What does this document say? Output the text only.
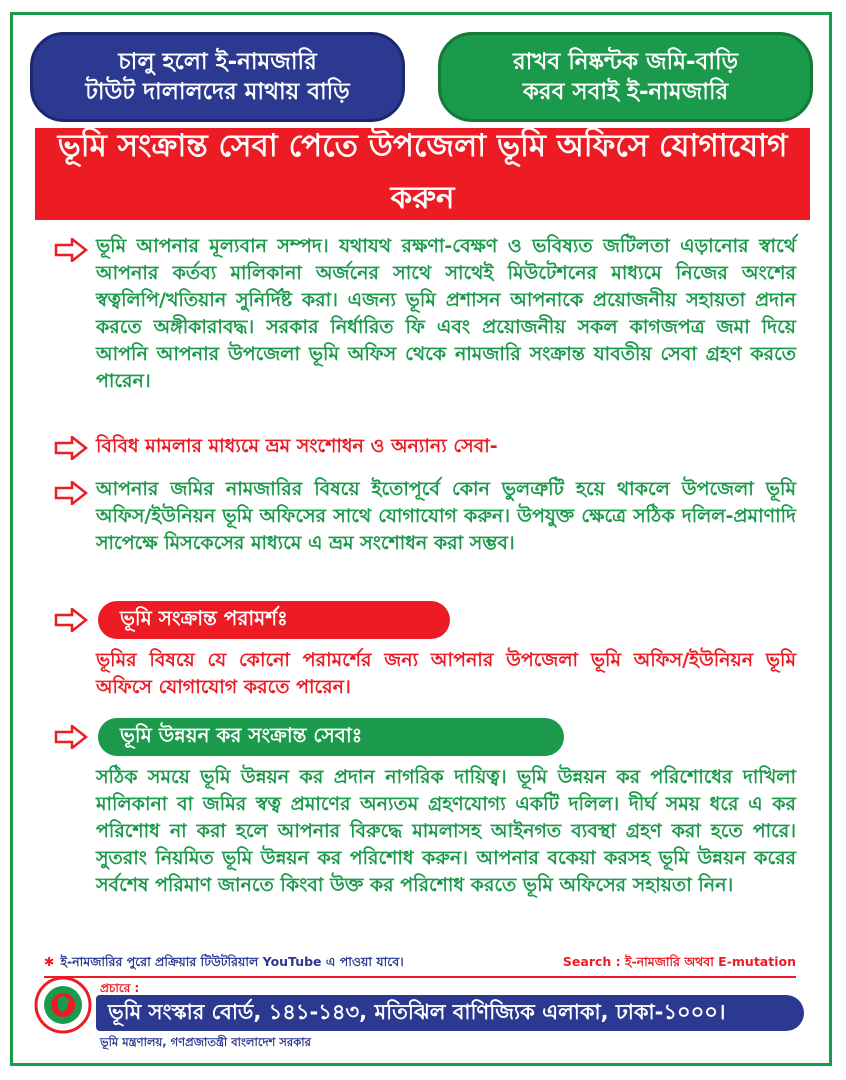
চালু হলো ই-নামজারি
টাউট দালালদের মাথায় বাড়ি
রাখব নিষ্কন্টক জমি-বাড়ি
করব সবাই ই-নামজারি
ভূমি সংক্রান্ত সেবা পেতে উপজেলা ভূমি অফিসে যোগাযোগ করুন

ভূমি আপনার মূল্যবান সম্পদ। যথাযথ রক্ষণা-বেক্ষণ ও ভবিষ্যত জটিলতা এড়ানোর স্বার্থে আপনার কর্তব্য মালিকানা অর্জনের সাথে সাথেই মিউটেশনের মাধ্যমে নিজের অংশের স্বত্বলিপি/খতিয়ান সুনির্দিষ্ট করা। এজন্য ভূমি প্রশাসন আপনাকে প্রয়োজনীয় সহায়তা প্রদান করতে অঙ্গীকারাবদ্ধ। সরকার নির্ধারিত ফি এবং প্রয়োজনীয় সকল কাগজপত্র জমা দিয়ে আপনি আপনার উপজেলা ভূমি অফিস থেকে নামজারি সংক্রান্ত যাবতীয় সেবা গ্রহণ করতে পারেন।

বিবিধ মামলার মাধ্যমে ভ্রম সংশোধন ও অন্যান্য সেবা-

আপনার জমির নামজারির বিষয়ে ইতোপূর্বে কোন ভুলত্রুটি হয়ে থাকলে উপজেলা ভূমি অফিস/ইউনিয়ন ভূমি অফিসের সাথে যোগাযোগ করুন। উপযুক্ত ক্ষেত্রে সঠিক দলিল-প্রমাণাদি সাপেক্ষে মিসকেসের মাধ্যমে এ ভ্রম সংশোধন করা সম্ভব।

ভূমি সংক্রান্ত পরামর্শঃ

ভূমির বিষয়ে যে কোনো পরামর্শের জন্য আপনার উপজেলা ভূমি অফিস/ইউনিয়ন ভূমি অফিসে যোগাযোগ করতে পারেন।

ভূমি উন্নয়ন কর সংক্রান্ত সেবাঃ

সঠিক সময়ে ভূমি উন্নয়ন কর প্রদান নাগরিক দায়িত্ব। ভূমি উন্নয়ন কর পরিশোধের দাখিলা মালিকানা বা জমির স্বত্ব প্রমাণের অন্যতম গ্রহণযোগ্য একটি দলিল। দীর্ঘ সময় ধরে এ কর পরিশোধ না করা হলে আপনার বিরুদ্ধে মামলাসহ আইনগত ব্যবস্থা গ্রহণ করা হতে পারে। সুতরাং নিয়মিত ভূমি উন্নয়ন কর পরিশোধ করুন। আপনার বকেয়া করসহ ভূমি উন্নয়ন করের সর্বশেষ পরিমাণ জানতে কিংবা উক্ত কর পরিশোধ করতে ভূমি অফিসের সহায়তা নিন।

✱ ই-নামজারির পুরো প্রক্রিয়ার টিউটরিয়াল YouTube এ পাওয়া যাবে।	Search : ই-নামজারি অথবা E-mutation
প্রচারে :
ভূমি সংস্কার বোর্ড, ১৪১-১৪৩, মতিঝিল বাণিজ্যিক এলাকা, ঢাকা-১০০০।
ভূমি মন্ত্রণালয়, গণপ্রজাতন্ত্রী বাংলাদেশ সরকার
